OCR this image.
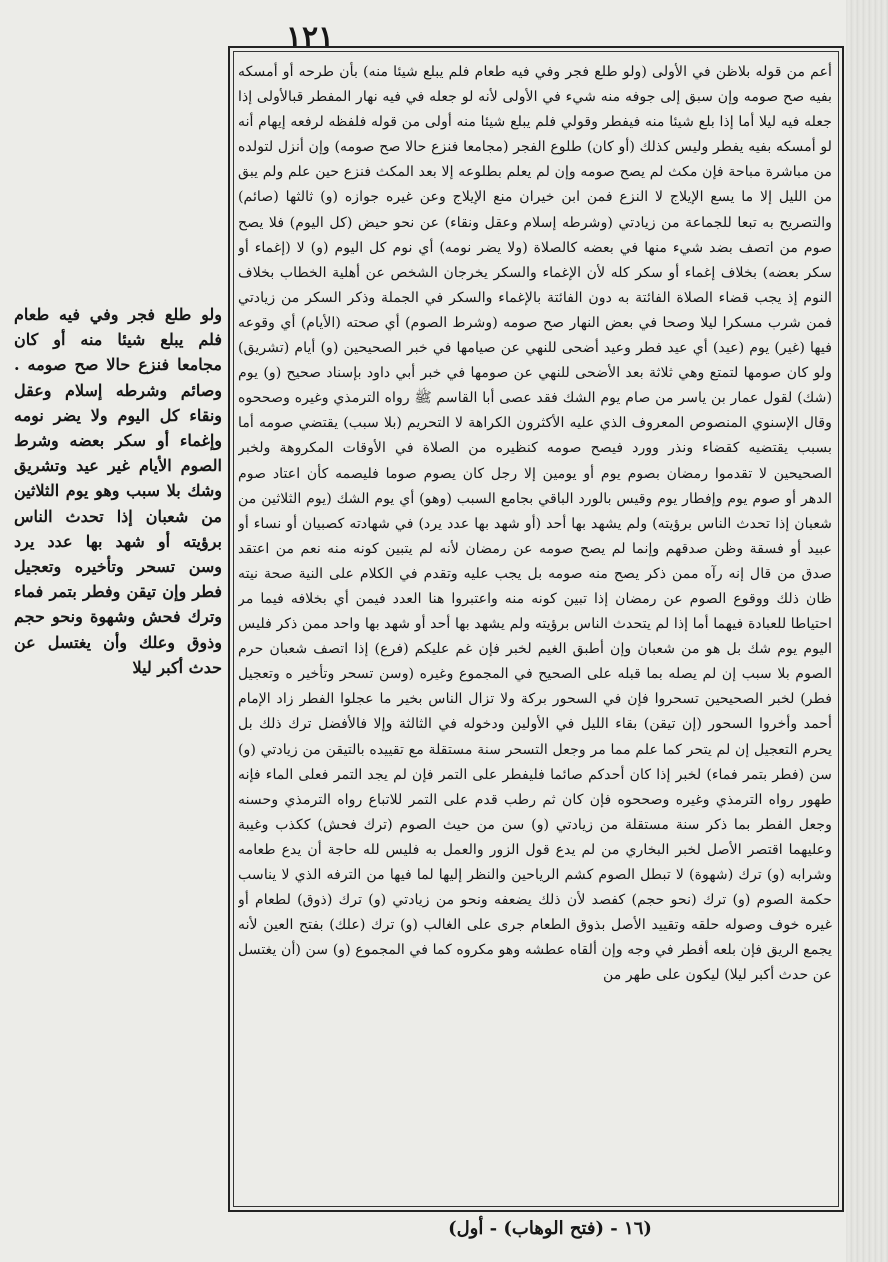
١٢١

أعم من قوله بلاظن في الأولى (ولو طلع فجر وفي فيه طعام فلم يبلع شيئا منه) بأن طرحه أو أمسكه بفيه صح صومه وإن سبق إلى جوفه منه شيء في الأولى لأنه لو جعله في فيه نهار المفطر قبالأولى إذا جعله فيه ليلا أما إذا بلع شيئا منه فيفطر وقولي فلم يبلع شيئا منه أولى من قوله فلفظه لرفعه إيهام أنه لو أمسكه بفيه يفطر وليس كذلك (أو كان) طلوع الفجر (مجامعا فنزع حالا صح صومه) وإن أنزل لتولده من مباشرة مباحة فإن مكث لم يصح صومه وإن لم يعلم بطلوعه إلا بعد المكث فنزع حين علم ولم يبق من الليل إلا ما يسع الإيلاج لا النزع فمن ابن خيران منع الإيلاج وعن غيره جوازه (و) ثالثها (صائم) والتصريح به تبعا للجماعة من زيادتي (وشرطه إسلام وعقل ونقاء) عن نحو حيض (كل اليوم) فلا يصح صوم من اتصف بضد شيء منها في بعضه كالصلاة (ولا يضر نومه) أي نوم كل اليوم (و) لا (إغماء أو سكر بعضه) بخلاف إغماء أو سكر كله لأن الإغماء والسكر يخرجان الشخص عن أهلية الخطاب بخلاف النوم إذ يجب قضاء الصلاة الفائتة به دون الفائتة بالإغماء والسكر في الجملة وذكر السكر من زيادتي فمن شرب مسكرا ليلا وصحا في بعض النهار صح صومه (وشرط الصوم) أي صحته (الأيام) أي وقوعه فيها (غير) يوم (عيد) أي عيد فطر وعيد أضحى للنهي عن صيامها في خبر الصحيحين (و) أيام (تشريق) ولو كان صومها لتمتع وهي ثلاثة بعد الأضحى للنهي عن صومها في خبر أبي داود بإسناد صحيح (و) يوم (شك) لقول عمار بن ياسر من صام يوم الشك فقد عصى أبا القاسم ﷺ رواه الترمذي وغيره وصححوه وقال الإسنوي المنصوص المعروف الذي عليه الأكثرون الكراهة لا التحريم (بلا سبب) يقتضي صومه أما بسبب يقتضيه كقضاء ونذر وورد فيصح صومه كنظيره من الصلاة في الأوقات المكروهة ولخبر الصحيحين لا تقدموا رمضان بصوم يوم أو يومين إلا رجل كان يصوم صوما فليصمه كأن اعتاد صوم الدهر أو صوم يوم وإفطار يوم وقيس بالورد الباقي بجامع السبب (وهو) أي يوم الشك (يوم الثلاثين من شعبان إذا تحدث الناس برؤيته) ولم يشهد بها أحد (أو شهد بها عدد يرد) في شهادته كصبيان أو نساء أو عبيد أو فسقة وظن صدقهم وإنما لم يصح صومه عن رمضان لأنه لم يتبين كونه منه نعم من اعتقد صدق من قال إنه رآه ممن ذكر يصح منه صومه بل يجب عليه وتقدم في الكلام على النية صحة نيته ظان ذلك ووقوع الصوم عن رمضان إذا تبين كونه منه واعتبروا هنا العدد فيمن أي بخلافه فيما مر احتياطا للعبادة فيهما أما إذا لم يتحدث الناس برؤيته ولم يشهد بها أحد أو شهد بها واحد ممن ذكر فليس اليوم يوم شك بل هو من شعبان وإن أطبق الغيم لخبر فإن غم عليكم (فرع) إذا اتصف شعبان حرم الصوم بلا سبب إن لم يصله بما قبله على الصحيح في المجموع وغيره (وسن تسحر وتأخير ه وتعجيل فطر) لخبر الصحيحين تسحروا فإن في السحور بركة ولا تزال الناس بخير ما عجلوا الفطر زاد الإمام أحمد وأخروا السحور (إن تيقن) بقاء الليل في الأولين ودخوله في الثالثة وإلا فالأفضل ترك ذلك بل يحرم التعجيل إن لم يتحر كما علم مما مر وجعل التسحر سنة مستقلة مع تقييده بالتيقن من زيادتي (و) سن (فطر بتمر فماء) لخبر إذا كان أحدكم صائما فليفطر على التمر فإن لم يجد التمر فعلى الماء فإنه طهور رواه الترمذي وغيره وصححوه فإن كان ثم رطب قدم على التمر للاتباع رواه الترمذي وحسنه وجعل الفطر بما ذكر سنة مستقلة من زيادتي (و) سن من حيث الصوم (ترك فحش) ككذب وغيبة وعليهما اقتصر الأصل لخبر البخاري من لم يدع قول الزور والعمل به فليس لله حاجة أن يدع طعامه وشرابه (و) ترك (شهوة) لا تبطل الصوم كشم الرياحين والنظر إليها لما فيها من الترفه الذي لا يناسب حكمة الصوم (و) ترك (نحو حجم) كفصد لأن ذلك يضعفه ونحو من زيادتي (و) ترك (ذوق) لطعام أو غيره خوف وصوله حلقه وتقييد الأصل بذوق الطعام جرى على الغالب (و) ترك (علك) بفتح العين لأنه يجمع الريق فإن بلعه أفطر في وجه وإن ألقاه عطشه وهو مكروه كما في المجموع (و) سن (أن يغتسل عن حدث أكبر ليلا) ليكون على طهر من

ولو طلع فجر وفي فيه طعام فلم يبلع شيئا منه أو كان مجامعا فنزع حالا صح صومه . وصائم وشرطه إسلام وعقل ونقاء كل اليوم ولا يضر نومه وإغماء أو سكر بعضه وشرط الصوم الأيام غير عيد وتشريق وشك بلا سبب وهو يوم الثلاثين من شعبان إذا تحدث الناس برؤيته أو شهد بها عدد يرد وسن تسحر وتأخيره وتعجيل فطر وإن تيقن وفطر بتمر فماء وترك فحش وشهوة ونحو حجم وذوق وعلك وأن يغتسل عن حدث أكبر ليلا

(١٦ - (فتح الوهاب) - أول)
